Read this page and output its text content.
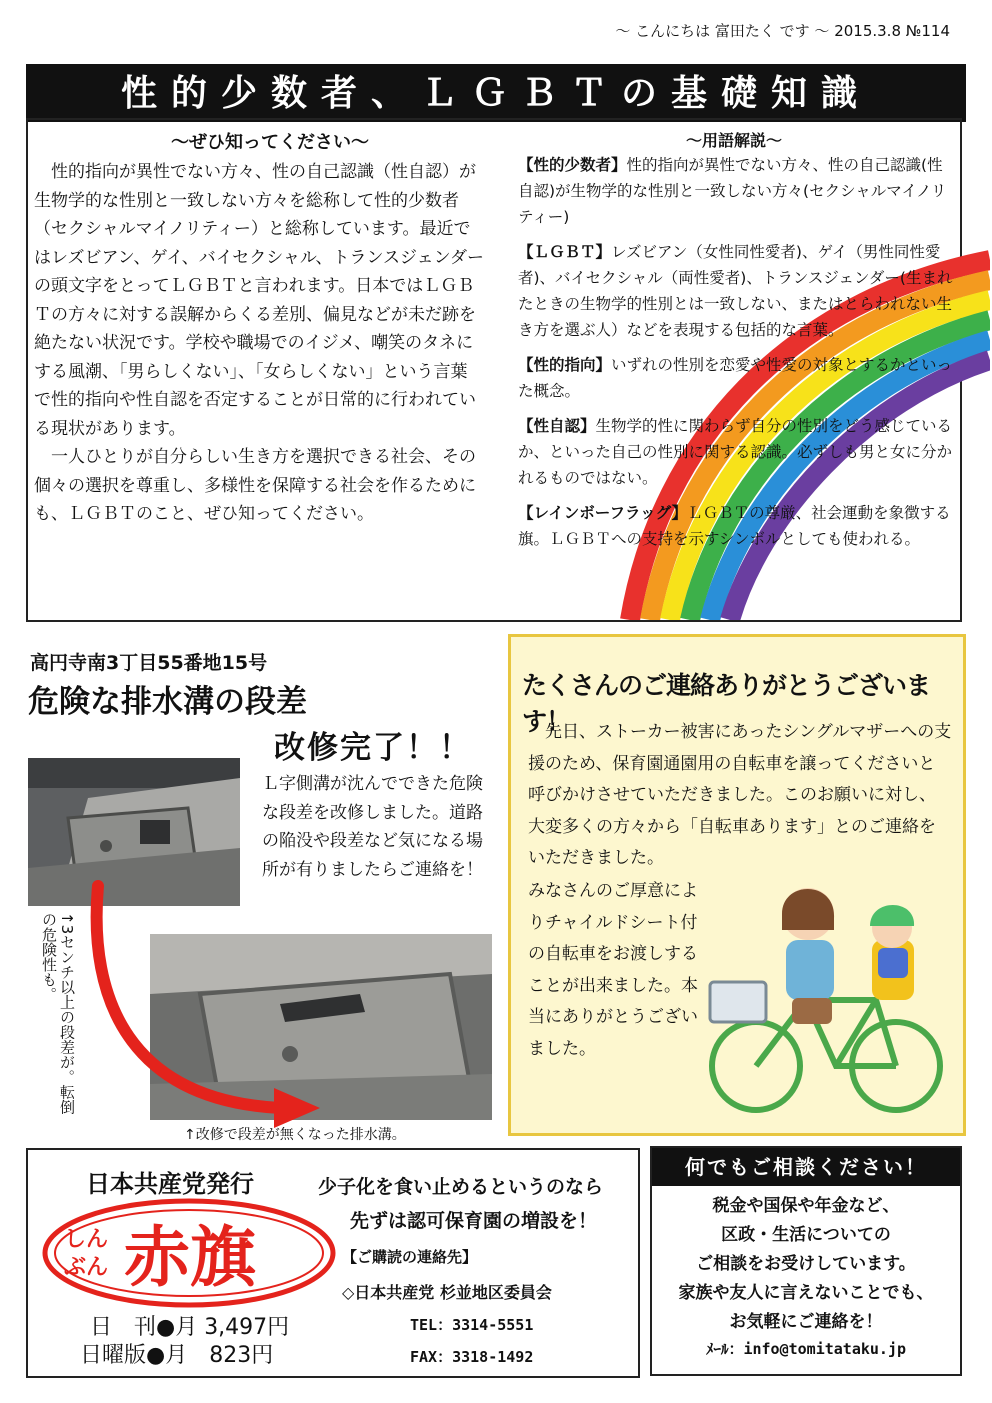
～ こんにちは 富田たく です ～ 2015.3.8 №114
性的少数者、ＬＧＢＴの基礎知識
～ぜひ知ってください～

性的指向が異性でない方々、性の自己認識（性自認）が生物学的な性別と一致しない方々を総称して性的少数者（セクシャルマイノリティー）と総称しています。最近ではレズビアン、ゲイ、バイセクシャル、トランスジェンダーの頭文字をとってＬＧＢＴと言われます。日本ではＬＧＢＴの方々に対する誤解からくる差別、偏見などが未だ跡を絶たない状況です。学校や職場でのイジメ、嘲笑のタネにする風潮、「男らしくない」、「女らしくない」という言葉で性的指向や性自認を否定することが日常的に行われている現状があります。

一人ひとりが自分らしい生き方を選択できる社会、その個々の選択を尊重し、多様性を保障する社会を作るためにも、ＬＧＢＴのこと、ぜひ知ってください。

～用語解説～

【性的少数者】性的指向が異性でない方々、性の自己認識(性自認)が生物学的な性別と一致しない方々(セクシャルマイノリティー)

【ＬＧＢＴ】レズビアン（女性同性愛者)、ゲイ（男性同性愛者)、バイセクシャル（両性愛者)、トランスジェンダー(生まれたときの生物学的性別とは一致しない、またはとらわれない生き方を選ぶ人）などを表現する包括的な言葉。

【性的指向】いずれの性別を恋愛や性愛の対象とするかといった概念。

【性自認】生物学的性に関わらず自分の性別をどう感じているか、といった自己の性別に関する認識。必ずしも男と女に分かれるものではない。

【レインボーフラッグ】ＬＧＢＴの尊厳、社会運動を象徴する旗。ＬＧＢＴへの支持を示すシンボルとしても使われる。

高円寺南3丁目55番地15号
危険な排水溝の段差
改修完了！！
Ｌ字側溝が沈んでできた危険な段差を改修しました。道路の陥没や段差など気になる場所が有りましたらご連絡を！
↑3センチ以上の段差が。転倒の危険性も。
↑改修で段差が無くなった排水溝。
たくさんのご連絡ありがとうございます！

先日、ストーカー被害にあったシングルマザーへの支援のため、保育園通園用の自転車を譲ってくださいと呼びかけさせていただきました。このお願いに対し、大変多くの方々から「自転車あります」とのご連絡をいただきました。

みなさんのご厚意によりチャイルドシート付の自転車をお渡しすることが出来ました。本当にありがとうございました。
日本共産党発行	少子化を食い止めるというのなら
先ずは認可保育園の増設を！
しん
ぶん 赤旗
日　刊●月 3,497円
日曜版●月　823円
【ご購読の連絡先】
◇日本共産党 杉並地区委員会
TEL：3314-5551
FAX：3318-1492
何でもご相談ください！
税金や国保や年金など、
区政・生活についての
ご相談をお受けしています。
家族や友人に言えないことでも、
お気軽にご連絡を！
ﾒｰﾙ：info@tomitataku.jp
